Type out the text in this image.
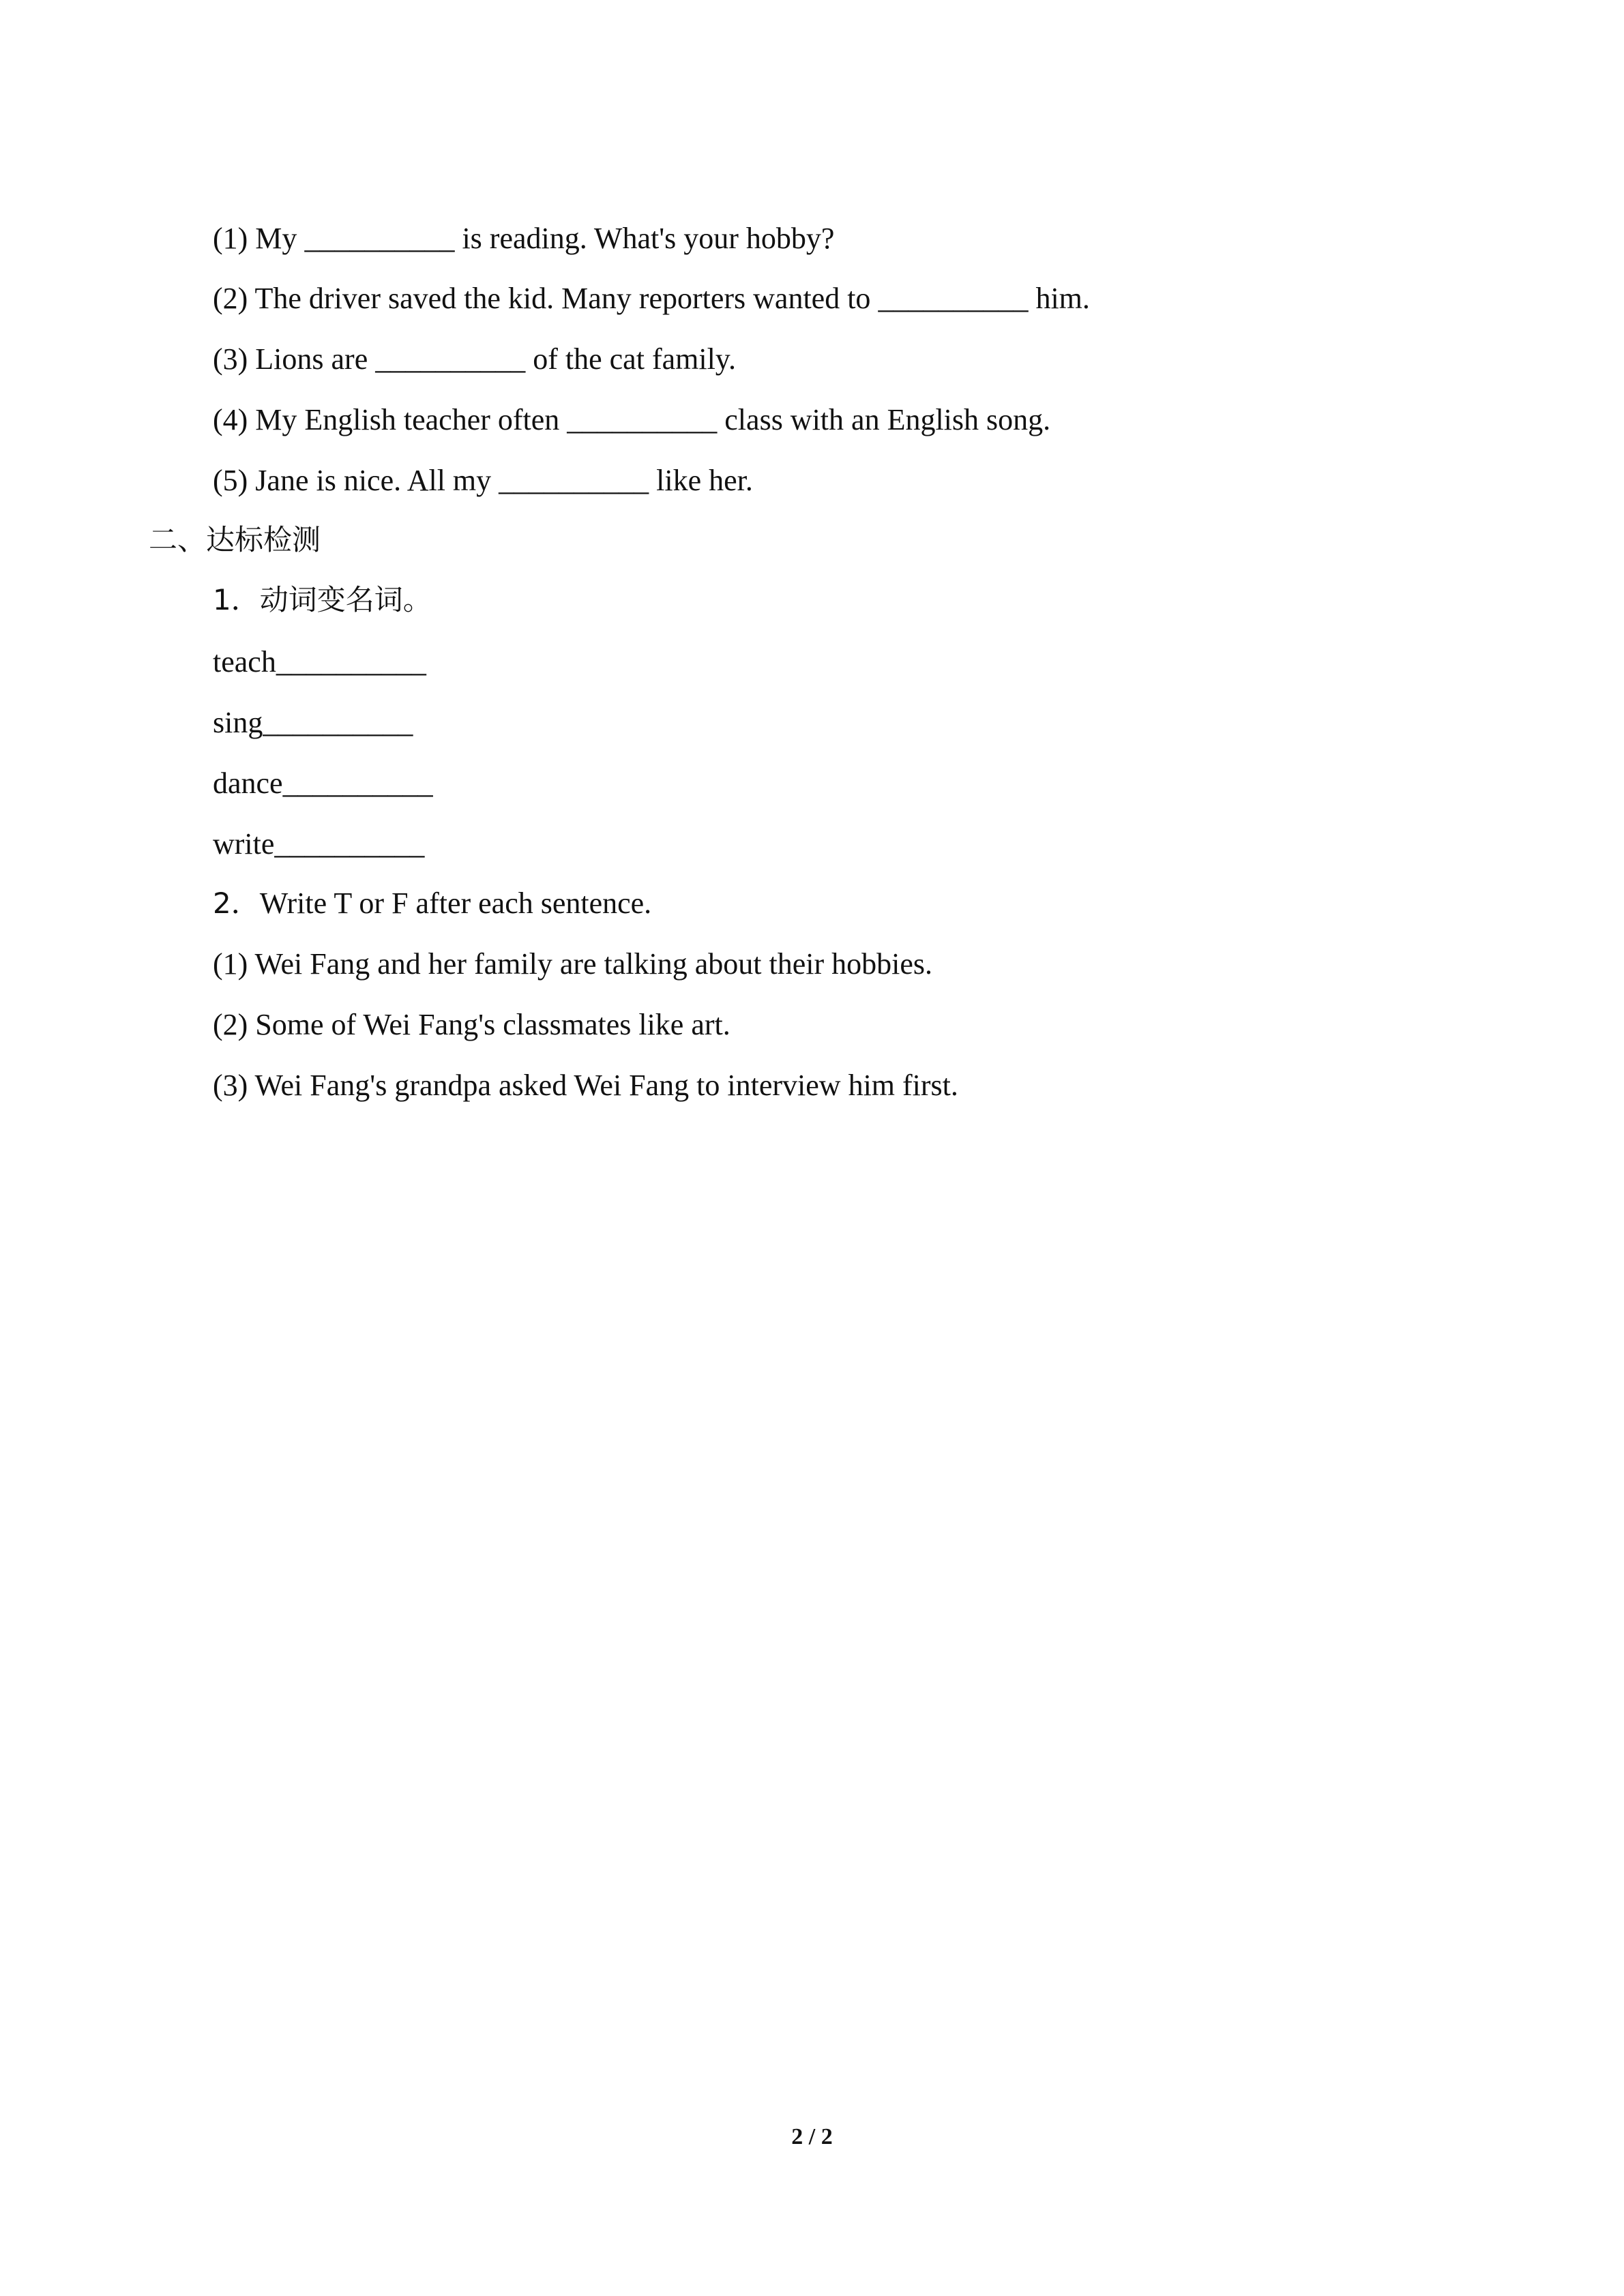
(1) My __________ is reading. What's your hobby?
(2) The driver saved the kid. Many reporters wanted to __________ him.
(3) Lions are __________ of the cat family.
(4) My English teacher often __________ class with an English song.
(5) Jane is nice. All my __________ like her.
二、达标检测
1．动词变名词。
teach__________
sing__________
dance__________
write__________
2．Write T or F after each sentence.
(1) Wei Fang and her family are talking about their hobbies.
(2) Some of Wei Fang's classmates like art.
(3) Wei Fang's grandpa asked Wei Fang to interview him first.
2 / 2
